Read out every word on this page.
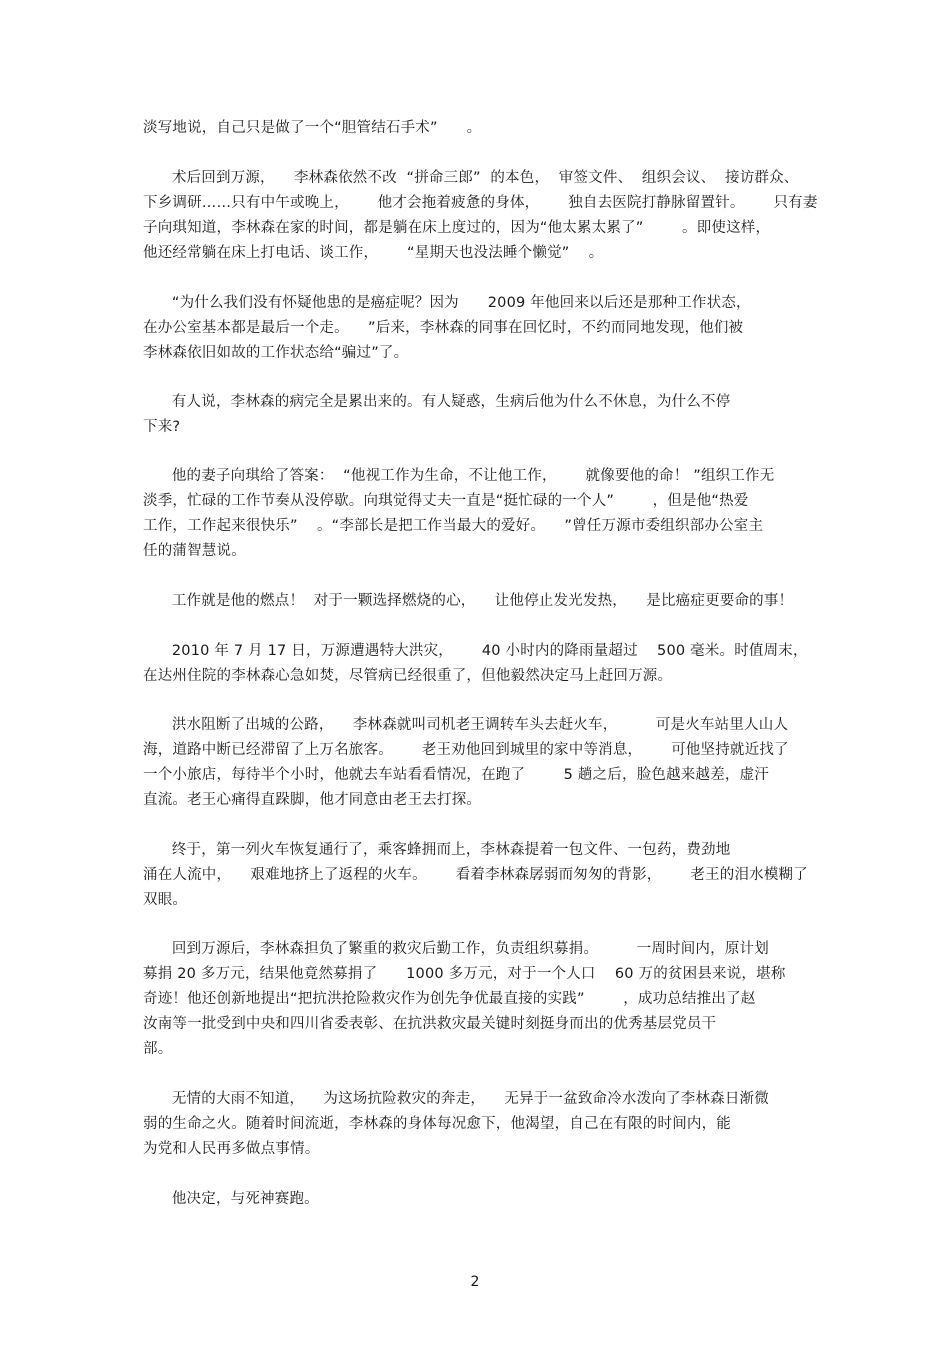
淡写地说，自己只是做了一个“胆管结石手术”      。
术后回到万源，    李林森依然不改  “拼命三郎”  的本色，  审签文件、  组织会议、  接访群众、
下乡调研……只有中午或晚上，      他才会拖着疲惫的身体，      独自去医院打静脉留置针。      只有妻
子向琪知道，李林森在家的时间，都是躺在床上度过的，因为“他太累太累了”        。即使这样，
他还经常躺在床上打电话、谈工作，      “星期天也没法睡个懒觉”    。
“为什么我们没有怀疑他患的是癌症呢？因为      2009 年他回来以后还是那种工作状态，
在办公室基本都是最后一个走。    ”后来，李林森的同事在回忆时，不约而同地发现，他们被
李林森依旧如故的工作状态给“骗过”了。
有人说，李林森的病完全是累出来的。有人疑惑，生病后他为什么不休息，为什么不停
下来?
他的妻子向琪给了答案：  “他视工作为生命，不让他工作，      就像要他的命！ ”组织工作无
淡季，忙碌的工作节奏从没停歇。向琪觉得丈夫一直是“挺忙碌的一个人”        ，但是他“热爱
工作，工作起来很快乐”    。“李部长是把工作当最大的爱好。    ”曾任万源市委组织部办公室主
任的蒲智慧说。
工作就是他的燃点！  对于一颗选择燃烧的心，    让他停止发光发热，    是比癌症更要命的事！
2010 年 7 月 17 日，万源遭遇特大洪灾，      40 小时内的降雨量超过    500 毫米。时值周末，
在达州住院的李林森心急如焚，尽管病已经很重了，但他毅然决定马上赶回万源。
洪水阻断了出城的公路，    李林森就叫司机老王调转车头去赶火车，        可是火车站里人山人
海，道路中断已经滞留了上万名旅客。      老王劝他回到城里的家中等消息，      可他坚持就近找了
一个小旅店，每待半个小时，他就去车站看看情况，在跑了        5 趟之后，脸色越来越差，虚汗
直流。老王心痛得直跺脚，他才同意由老王去打探。
终于，第一列火车恢复通行了，乘客蜂拥而上，李林森提着一包文件、一包药，费劲地
涌在人流中，    艰难地挤上了返程的火车。      看着李林森孱弱而匆匆的背影，      老王的泪水模糊了
双眼。
回到万源后，李林森担负了繁重的救灾后勤工作，负责组织募捐。        一周时间内，原计划
募捐 20 多万元，结果他竟然募捐了      1000 多万元，对于一个人口    60 万的贫困县来说，堪称
奇迹！他还创新地提出“把抗洪抢险救灾作为创先争优最直接的实践”        ，成功总结推出了赵
汝南等一批受到中央和四川省委表彰、在抗洪救灾最关键时刻挺身而出的优秀基层党员干
部。
无情的大雨不知道，    为这场抗险救灾的奔走，    无异于一盆致命冷水泼向了李林森日渐微
弱的生命之火。随着时间流逝，李林森的身体每况愈下，他渴望，自己在有限的时间内，能
为党和人民再多做点事情。
他决定，与死神赛跑。
2
